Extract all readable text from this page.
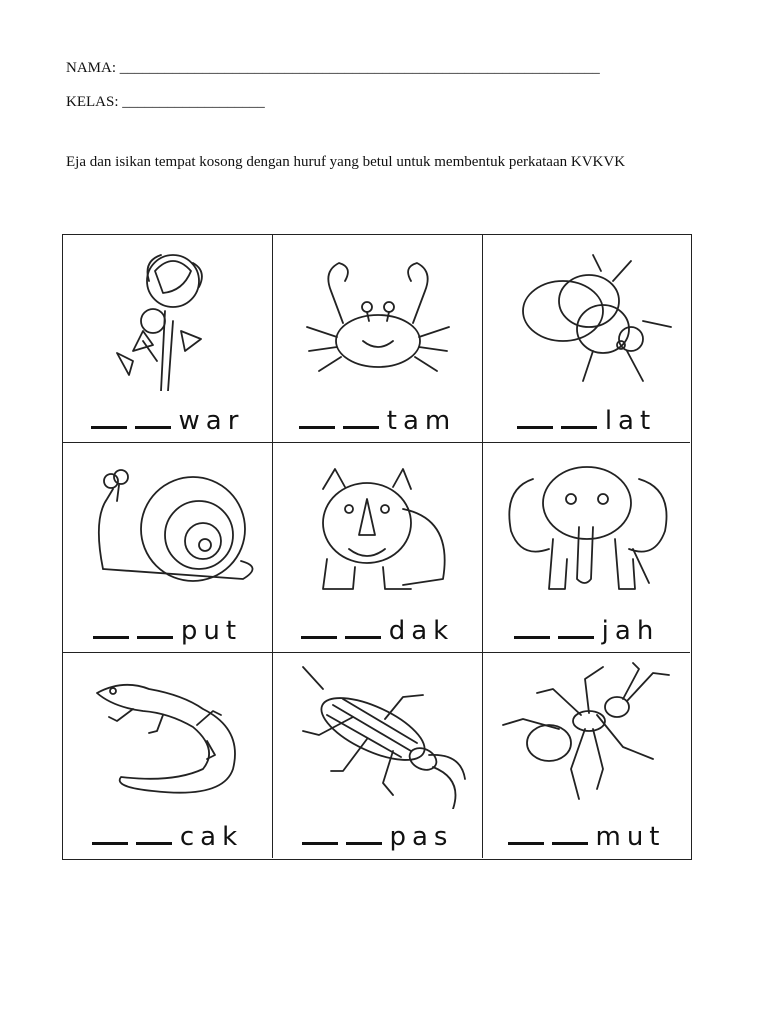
NAMA: ________________________________________________________________
KELAS: ___________________
Eja dan isikan tempat kosong dengan huruf yang betul untuk membentuk perkataan KVKVK
war	tam	lat
put	dak	jah
cak	pas	mut
